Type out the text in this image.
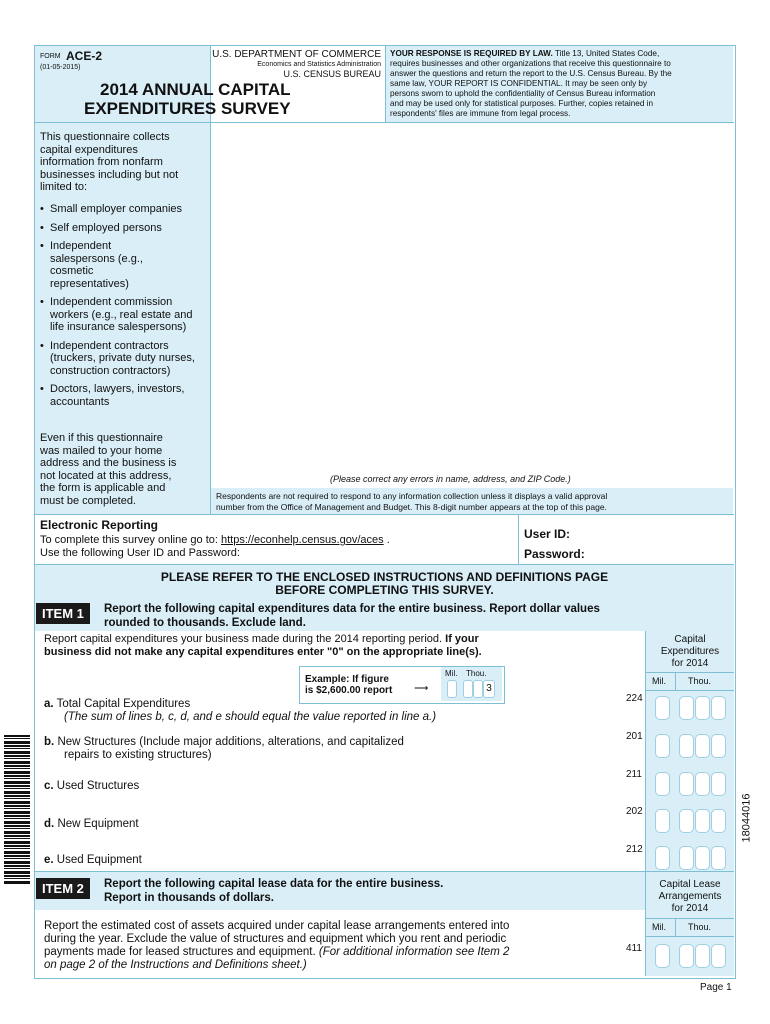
FORM ACE-2
(01-05-2015)
2014 ANNUAL CAPITAL
EXPENDITURES SURVEY
U.S. DEPARTMENT OF COMMERCE
Economics and Statistics Administration
U.S. CENSUS BUREAU
YOUR RESPONSE IS REQUIRED BY LAW. Title 13, United States Code,
requires businesses and other organizations that receive this questionnaire to
answer the questions and return the report to the U.S. Census Bureau. By the
same law, YOUR REPORT IS CONFIDENTIAL. It may be seen only by
persons sworn to uphold the confidentiality of Census Bureau information
and may be used only for statistical purposes. Further, copies retained in
respondents' files are immune from legal process.
This questionnaire collects
capital expenditures
information from nonfarm
businesses including but not
limited to:
• Small employer companies
• Self employed persons
• Independent salespersons (e.g., cosmetic representatives)
• Independent commission workers (e.g., real estate and life insurance salespersons)
• Independent contractors (truckers, private duty nurses, construction contractors)
• Doctors, lawyers, investors, accountants
Even if this questionnaire
was mailed to your home
address and the business is
not located at this address,
the form is applicable and
must be completed.
(Please correct any errors in name, address, and ZIP Code.)
Respondents are not required to respond to any information collection unless it displays a valid approval
number from the Office of Management and Budget. This 8-digit number appears at the top of this page.
Electronic Reporting
To complete this survey online go to: https://econhelp.census.gov/aces .
Use the following User ID and Password:
User ID:
Password:
PLEASE REFER TO THE ENCLOSED INSTRUCTIONS AND DEFINITIONS PAGE
BEFORE COMPLETING THIS SURVEY.
ITEM 1	Report the following capital expenditures data for the entire business. Report dollar values
rounded to thousands. Exclude land.
Capital
Expenditures
for 2014
Mil. Thou.
Report capital expenditures your business made during the 2014 reporting period. If your
business did not make any capital expenditures enter "0" on the appropriate line(s).
Example: If figure
is $2,600.00 report ⟶
Mil. Thou.
3
a. Total Capital Expenditures
(The sum of lines b, c, d, and e should equal the value reported in line a.)
224
b. New Structures (Include major additions, alterations, and capitalized
repairs to existing structures)
201
c. Used Structures
211
d. New Equipment
202
e. Used Equipment
212
ITEM 2	Report the following capital lease data for the entire business.
Report in thousands of dollars.
Capital Lease
Arrangements
for 2014
Mil. Thou.
Report the estimated cost of assets acquired under capital lease arrangements entered into
during the year. Exclude the value of structures and equipment which you rent and periodic
payments made for leased structures and equipment. (For additional information see Item 2
on page 2 of the Instructions and Definitions sheet.)
411
18044016
Page 1
